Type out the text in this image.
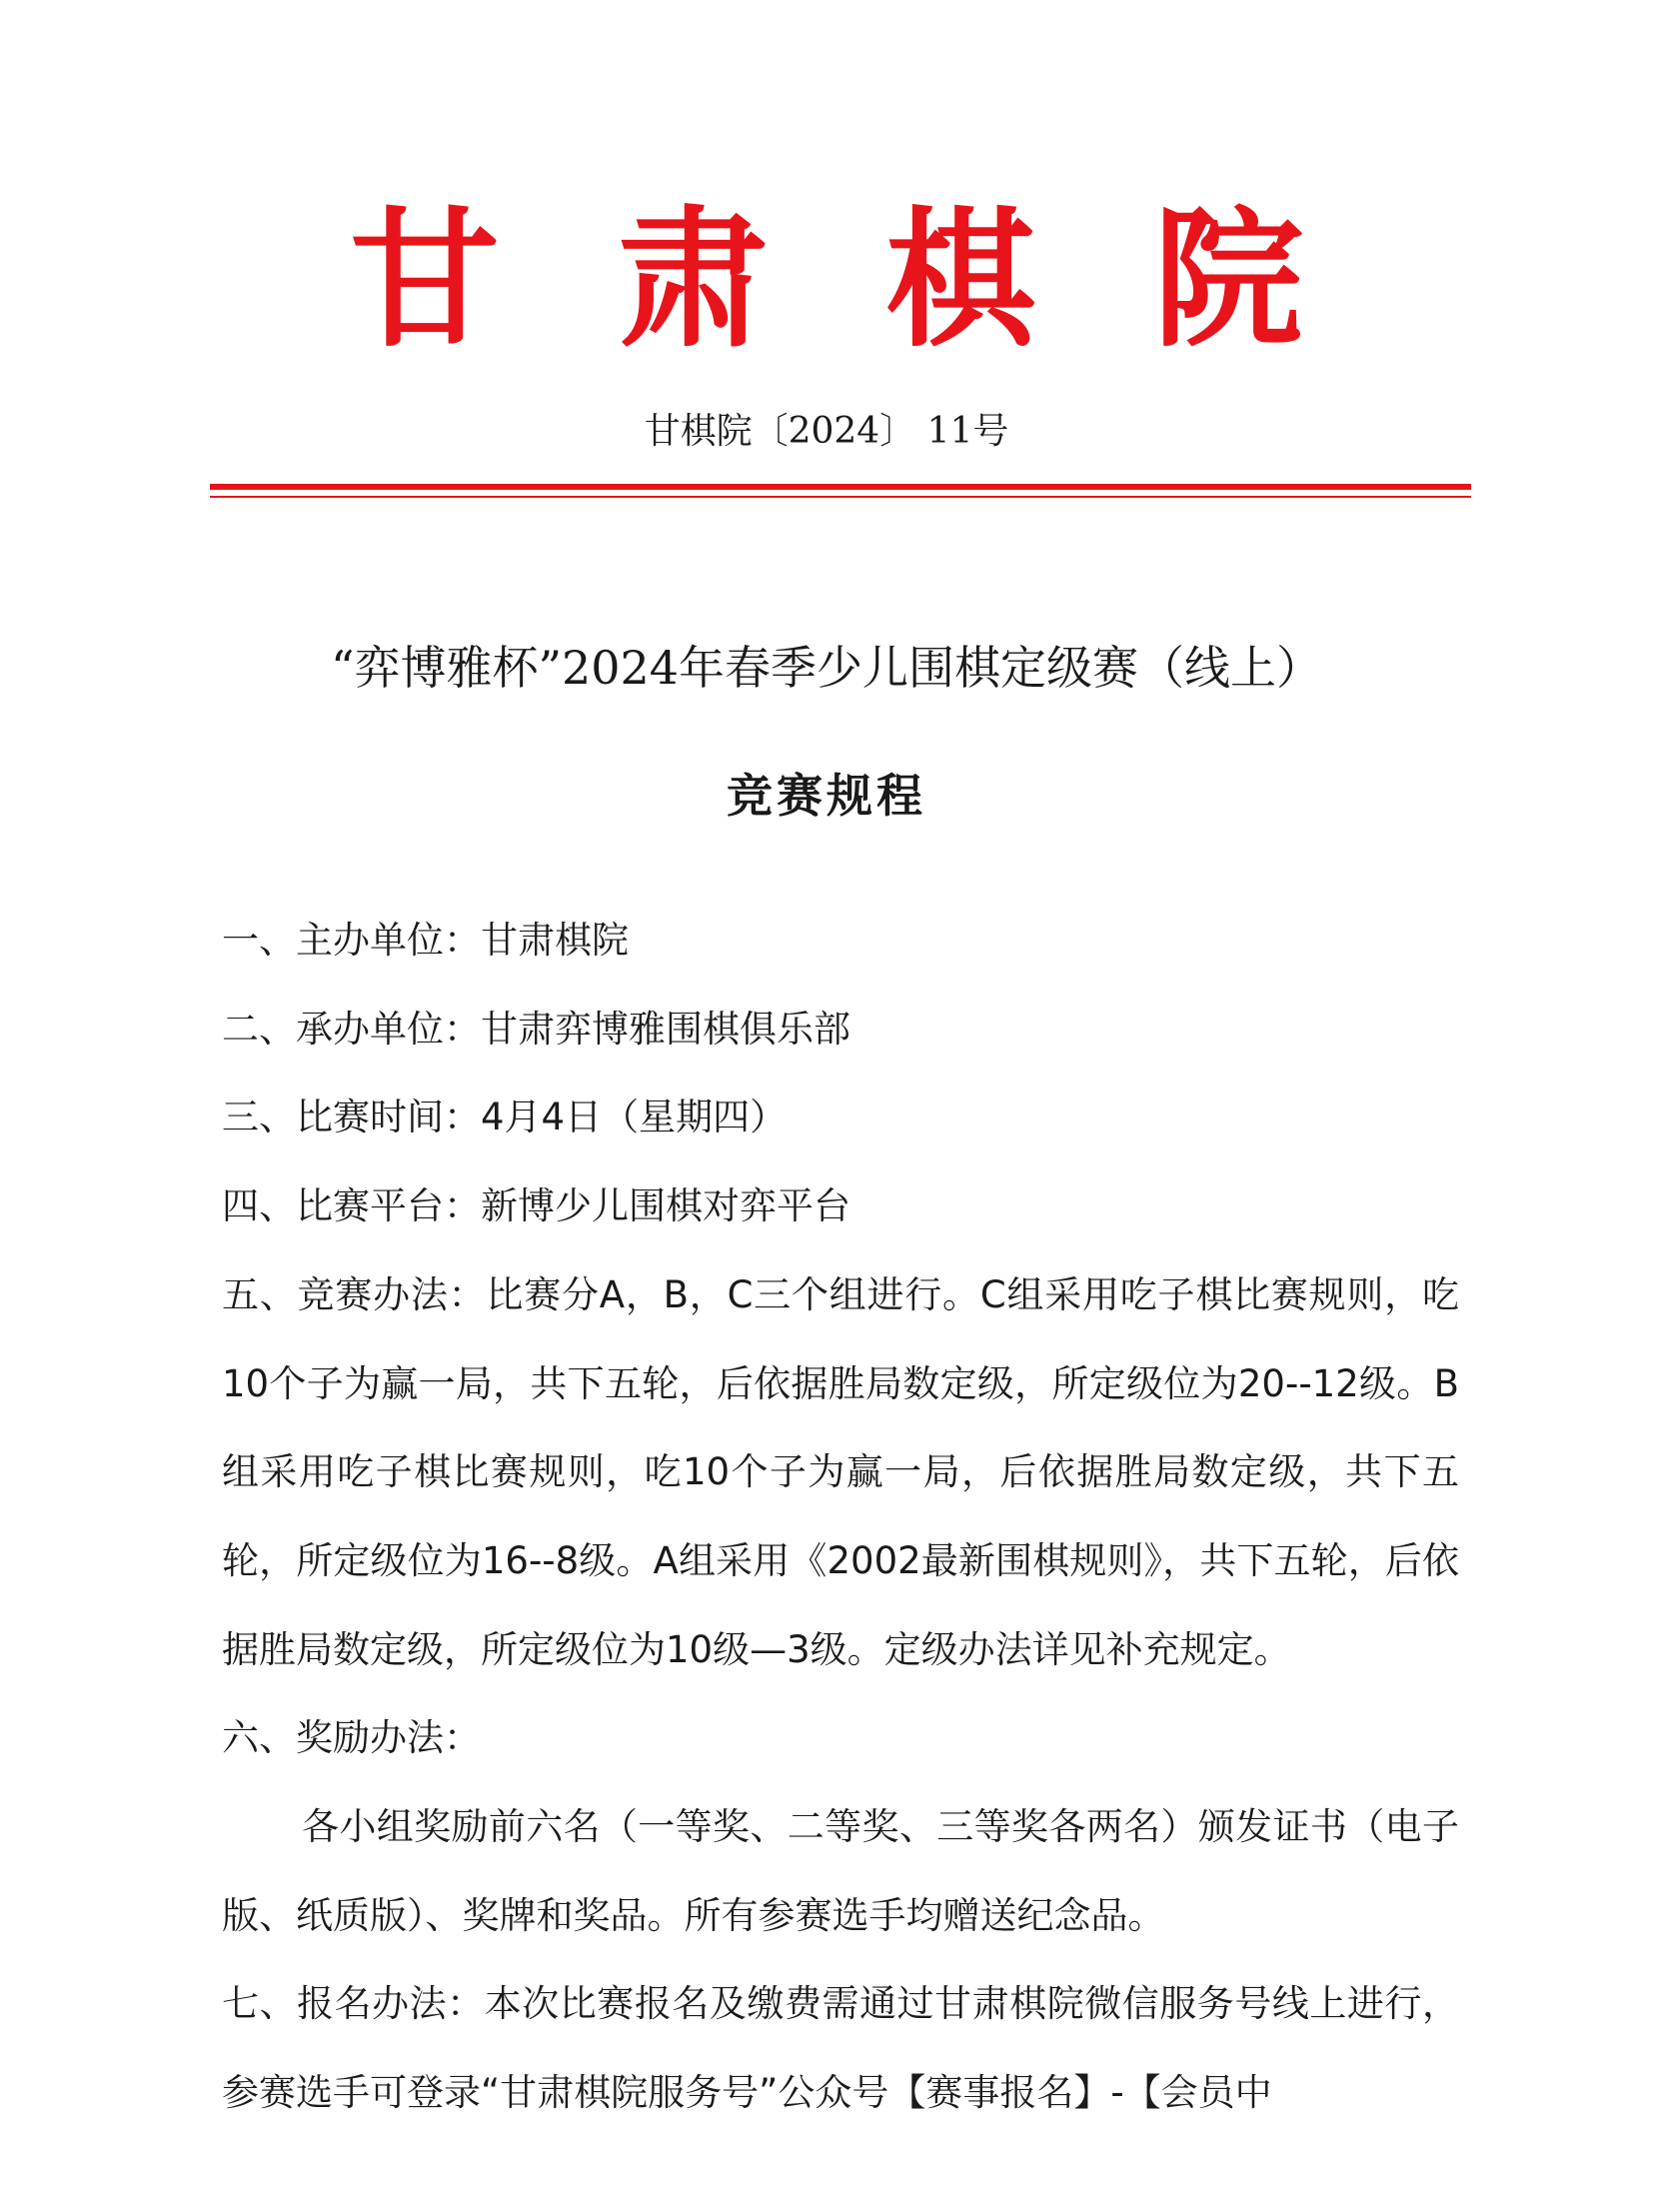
甘肃棋院
甘棋院〔2024〕 11号
“弈博雅杯”2024年春季少儿围棋定级赛（线上）
竞赛规程

一、主办单位：甘肃棋院

二、承办单位：甘肃弈博雅围棋俱乐部

三、比赛时间：4月4日（星期四）

四、比赛平台：新博少儿围棋对弈平台

五、竞赛办法：比赛分A，B，C三个组进行。C组采用吃子棋比赛规则，吃10个子为赢一局，共下五轮，后依据胜局数定级，所定级位为20--12级。B组采用吃子棋比赛规则，吃10个子为赢一局，后依据胜局数定级，共下五轮，所定级位为16--8级。A组采用《2002最新围棋规则》，共下五轮，后依据胜局数定级，所定级位为10级—3级。定级办法详见补充规定。

六、奖励办法：

各小组奖励前六名（一等奖、二等奖、三等奖各两名）颁发证书（电子版、纸质版）、奖牌和奖品。所有参赛选手均赠送纪念品。

七、报名办法：本次比赛报名及缴费需通过甘肃棋院微信服务号线上进行，参赛选手可登录“甘肃棋院服务号”公众号【赛事报名】-【会员中
